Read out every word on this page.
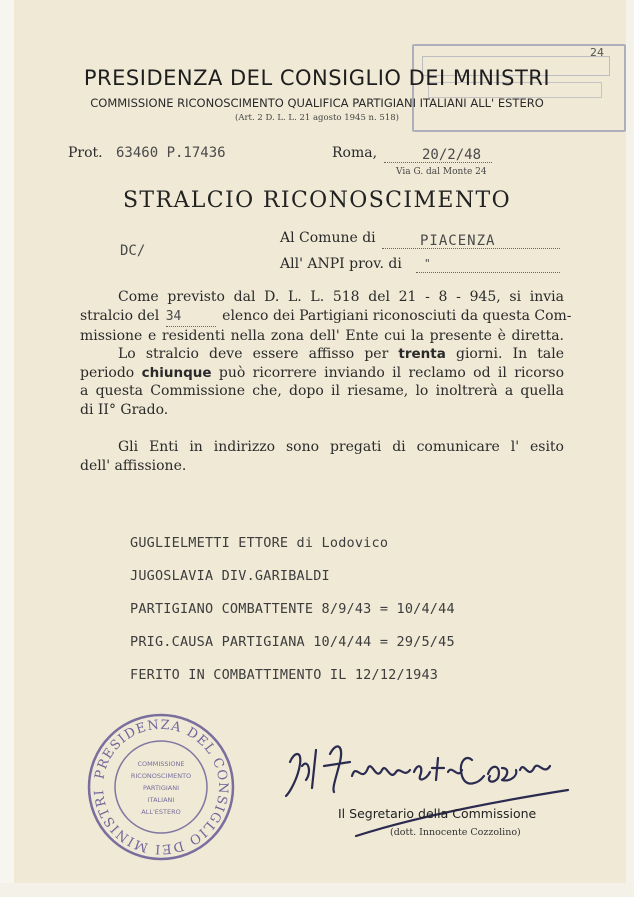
24
PRESIDENZA DEL CONSIGLIO DEI MINISTRI
COMMISSIONE RICONOSCIMENTO QUALIFICA PARTIGIANI ITALIANI ALL' ESTERO
(Art. 2 D. L. L. 21 agosto 1945 n. 518)
Prot. 63460 P.17436	Roma,	20/2/48
Via G. dal Monte 24
STRALCIO RICONOSCIMENTO
DC/
Al Comune di	PIACENZA
All' ANPI prov. di "
Come previsto dal D. L. L. 518 del 21 - 8 - 945, si invia
stralcio del 34	elenco dei Partigiani riconosciuti da questa Com-
missione e residenti nella zona dell' Ente cui la presente è diretta.
Lo stralcio deve essere affisso per trenta giorni. In tale
periodo chiunque può ricorrere inviando il reclamo od il ricorso
a questa Commissione che, dopo il riesame, lo inoltrerà a quella
di II° Grado.
Gli Enti in indirizzo sono pregati di comunicare l' esito
dell' affissione.
GUGLIELMETTI ETTORE di Lodovico
JUGOSLAVIA DIV.GARIBALDI
PARTIGIANO COMBATTENTE 8/9/43 = 10/4/44
PRIG.CAUSA PARTIGIANA 10/4/44 = 29/5/45
FERITO IN COMBATTIMENTO IL 12/12/1943
PRESIDENZA DEL CONSIGLIO DEI MINISTRI
COMMISSIONE
RICONOSCIMENTO
PARTIGIANI
ITALIANI
ALL'ESTERO	Il Segretario della Commissione
(dott. Innocente Cozzolino)
